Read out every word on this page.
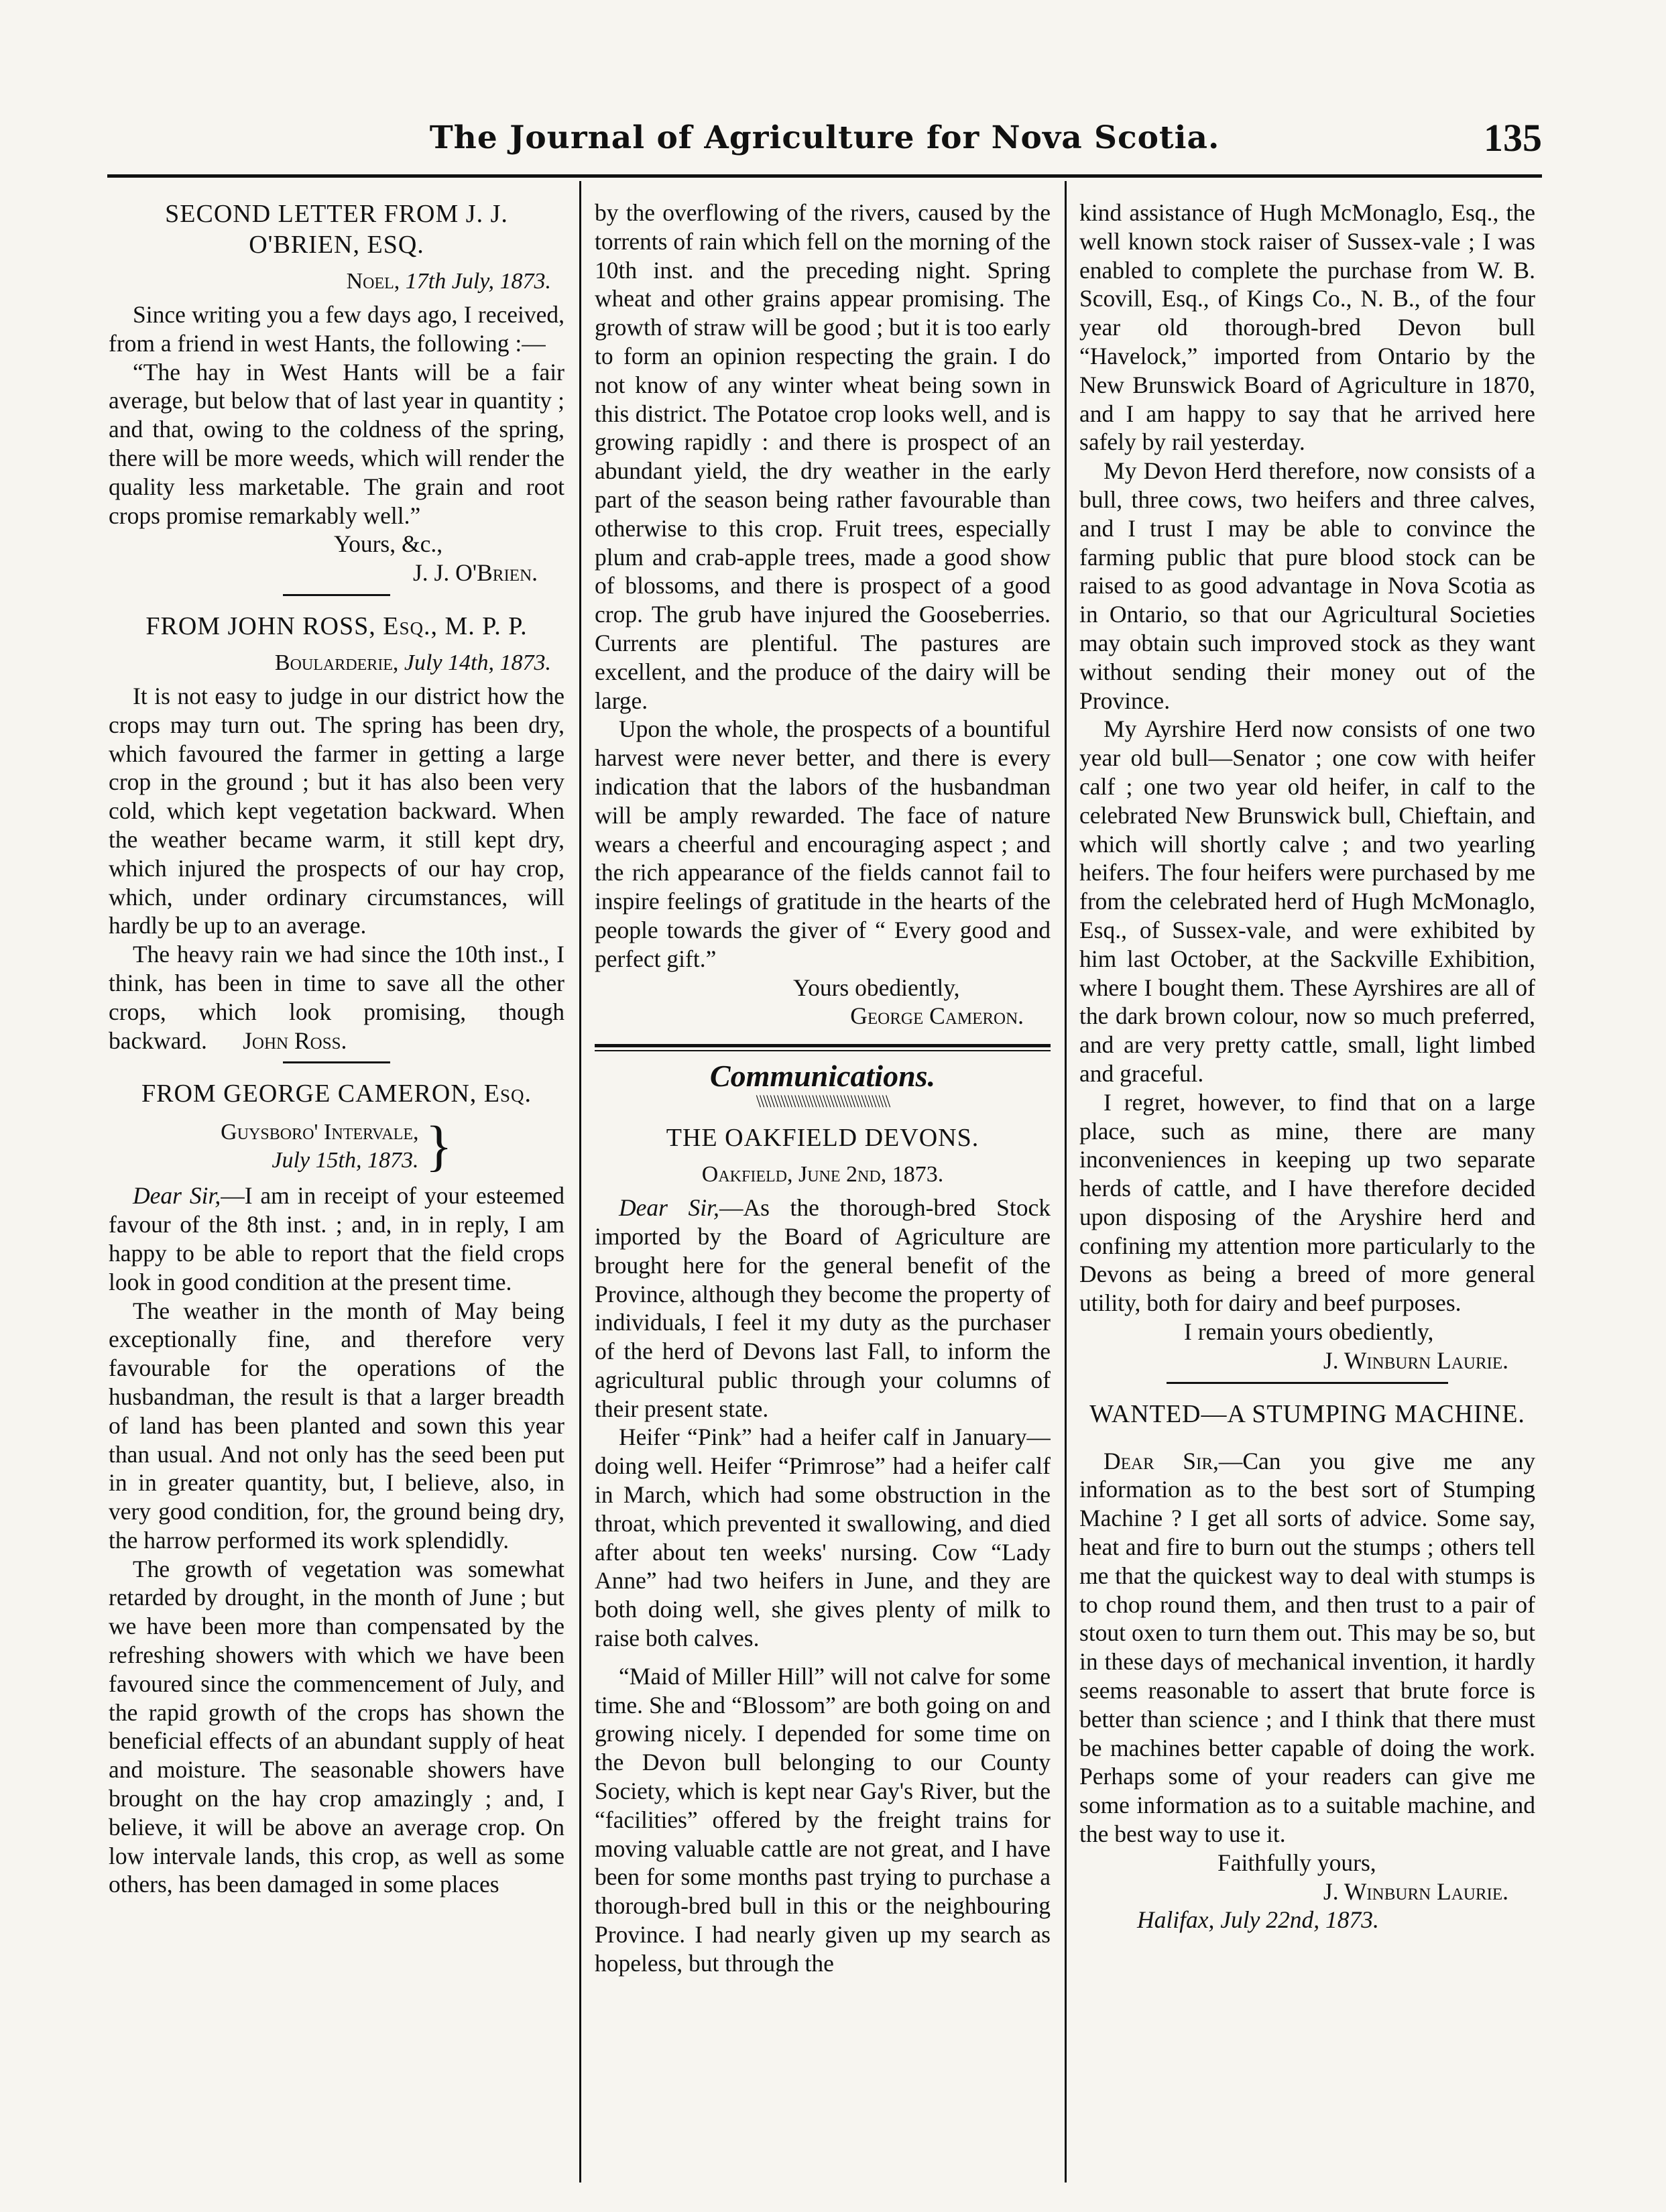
The Journal of Agriculture for Nova Scotia.	135
SECOND LETTER FROM J. J. O'BRIEN, ESQ.
Noel, 17th July, 1873.

Since writing you a few days ago, I received, from a friend in west Hants, the following :—

“The hay in West Hants will be a fair average, but below that of last year in quantity ; and that, owing to the coldness of the spring, there will be more weeds, which will render the quality less marketable. The grain and root crops promise remarkably well.”

Yours, &c.,

J. J. O'Brien.

FROM JOHN ROSS, Esq., M. P. P.
Boularderie, July 14th, 1873.

It is not easy to judge in our district how the crops may turn out. The spring has been dry, which favoured the farmer in getting a large crop in the ground ; but it has also been very cold, which kept vegetation backward. When the weather became warm, it still kept dry, which injured the prospects of our hay crop, which, under ordinary circumstances, will hardly be up to an average.

The heavy rain we had since the 10th inst., I think, has been in time to save all the other crops, which look promising, though backward. John Ross.

FROM GEORGE CAMERON, Esq.
Guysboro' Intervale,
July 15th, 1873. }

Dear Sir,—I am in receipt of your esteemed favour of the 8th inst. ; and, in in reply, I am happy to be able to report that the field crops look in good condition at the present time.

The weather in the month of May being exceptionally fine, and therefore very favourable for the operations of the husbandman, the result is that a larger breadth of land has been planted and sown this year than usual. And not only has the seed been put in in greater quantity, but, I believe, also, in very good condition, for, the ground being dry, the harrow performed its work splendidly.

The growth of vegetation was somewhat retarded by drought, in the month of June ; but we have been more than compensated by the refreshing showers with which we have been favoured since the commencement of July, and the rapid growth of the crops has shown the beneficial effects of an abundant supply of heat and moisture. The seasonable showers have brought on the hay crop amazingly ; and, I believe, it will be above an average crop. On low intervale lands, this crop, as well as some others, has been damaged in some places

by the overflowing of the rivers, caused by the torrents of rain which fell on the morning of the 10th inst. and the preceding night. Spring wheat and other grains appear promising. The growth of straw will be good ; but it is too early to form an opinion respecting the grain. I do not know of any winter wheat being sown in this district. The Potatoe crop looks well, and is growing rapidly : and there is prospect of an abundant yield, the dry weather in the early part of the season being rather favourable than otherwise to this crop. Fruit trees, especially plum and crab-apple trees, made a good show of blossoms, and there is prospect of a good crop. The grub have injured the Gooseberries. Currents are plentiful. The pastures are excellent, and the produce of the dairy will be large.

Upon the whole, the prospects of a bountiful harvest were never better, and there is every indication that the labors of the husbandman will be amply rewarded. The face of nature wears a cheerful and encouraging aspect ; and the rich appearance of the fields cannot fail to inspire feelings of gratitude in the hearts of the people towards the giver of “ Every good and perfect gift.”

Yours obediently,

George Cameron.

Communications.
\\\\\\\\\\\\\\\\\\\\\\\\\\\\\\\\\\\\\\
THE OAKFIELD DEVONS.
Oakfield, June 2nd, 1873.

Dear Sir,—As the thorough-bred Stock imported by the Board of Agriculture are brought here for the general benefit of the Province, although they become the property of individuals, I feel it my duty as the purchaser of the herd of Devons last Fall, to inform the agricultural public through your columns of their present state.

Heifer “Pink” had a heifer calf in January—doing well. Heifer “Primrose” had a heifer calf in March, which had some obstruction in the throat, which prevented it swallowing, and died after about ten weeks' nursing. Cow “Lady Anne” had two heifers in June, and they are both doing well, she gives plenty of milk to raise both calves.

“Maid of Miller Hill” will not calve for some time. She and “Blossom” are both going on and growing nicely. I depended for some time on the Devon bull belonging to our County Society, which is kept near Gay's River, but the “facilities” offered by the freight trains for moving valuable cattle are not great, and I have been for some months past trying to purchase a thorough-bred bull in this or the neighbouring Province. I had nearly given up my search as hopeless, but through the

kind assistance of Hugh McMonaglo, Esq., the well known stock raiser of Sussex-vale ; I was enabled to complete the purchase from W. B. Scovill, Esq., of Kings Co., N. B., of the four year old thorough-bred Devon bull “Havelock,” imported from Ontario by the New Brunswick Board of Agriculture in 1870, and I am happy to say that he arrived here safely by rail yesterday.

My Devon Herd therefore, now consists of a bull, three cows, two heifers and three calves, and I trust I may be able to convince the farming public that pure blood stock can be raised to as good advantage in Nova Scotia as in Ontario, so that our Agricultural Societies may obtain such improved stock as they want without sending their money out of the Province.

My Ayrshire Herd now consists of one two year old bull—Senator ; one cow with heifer calf ; one two year old heifer, in calf to the celebrated New Brunswick bull, Chieftain, and which will shortly calve ; and two yearling heifers. The four heifers were purchased by me from the celebrated herd of Hugh McMonaglo, Esq., of Sussex-vale, and were exhibited by him last October, at the Sackville Exhibition, where I bought them. These Ayrshires are all of the dark brown colour, now so much preferred, and are very pretty cattle, small, light limbed and graceful.

I regret, however, to find that on a large place, such as mine, there are many inconveniences in keeping up two separate herds of cattle, and I have therefore decided upon disposing of the Aryshire herd and confining my attention more particularly to the Devons as being a breed of more general utility, both for dairy and beef purposes.

I remain yours obediently,

J. Winburn Laurie.

WANTED—A STUMPING MACHINE.

Dear Sir,—Can you give me any information as to the best sort of Stumping Machine ? I get all sorts of advice. Some say, heat and fire to burn out the stumps ; others tell me that the quickest way to deal with stumps is to chop round them, and then trust to a pair of stout oxen to turn them out. This may be so, but in these days of mechanical invention, it hardly seems reasonable to assert that brute force is better than science ; and I think that there must be machines better capable of doing the work. Perhaps some of your readers can give me some information as to a suitable machine, and the best way to use it.

Faithfully yours,

J. Winburn Laurie.

Halifax, July 22nd, 1873.
